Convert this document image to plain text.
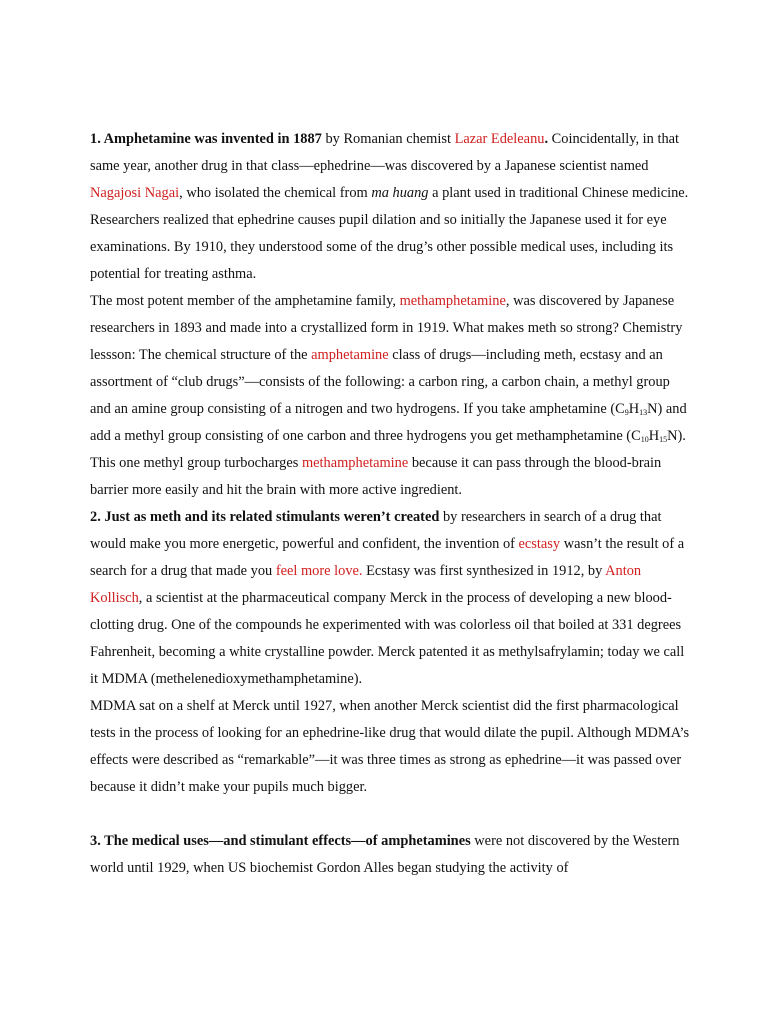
1. Amphetamine was invented in 1887 by Romanian chemist Lazar Edeleanu. Coincidentally, in that same year, another drug in that class—ephedrine—was discovered by a Japanese scientist named Nagajosi Nagai, who isolated the chemical from ma huang a plant used in traditional Chinese medicine. Researchers realized that ephedrine causes pupil dilation and so initially the Japanese used it for eye examinations. By 1910, they understood some of the drug’s other possible medical uses, including its potential for treating asthma.

The most potent member of the amphetamine family, methamphetamine, was discovered by Japanese researchers in 1893 and made into a crystallized form in 1919. What makes meth so strong? Chemistry lessson: The chemical structure of the amphetamine class of drugs—including meth, ecstasy and an assortment of “club drugs”—consists of the following: a carbon ring, a carbon chain, a methyl group and an amine group consisting of a nitrogen and two hydrogens. If you take amphetamine $(C_9H_{13}N)$ and add a methyl group consisting of one carbon and three hydrogens you get methamphetamine $(C_{10}H_{15}N)$. This one methyl group turbocharges methamphetamine because it can pass through the blood-brain barrier more easily and hit the brain with more active ingredient.

2. Just as meth and its related stimulants weren’t created by researchers in search of a drug that would make you more energetic, powerful and confident, the invention of ecstasy wasn’t the result of a search for a drug that made you feel more love. Ecstasy was first synthesized in 1912, by Anton Kollisch, a scientist at the pharmaceutical company Merck in the process of developing a new blood-clotting drug. One of the compounds he experimented with was colorless oil that boiled at 331 degrees Fahrenheit, becoming a white crystalline powder. Merck patented it as methylsafrylamin; today we call it MDMA (methelenedioxymethamphetamine).

MDMA sat on a shelf at Merck until 1927, when another Merck scientist did the first pharmacological tests in the process of looking for an ephedrine-like drug that would dilate the pupil. Although MDMA’s effects were described as “remarkable”—it was three times as strong as ephedrine—it was passed over because it didn’t make your pupils much bigger.

3. The medical uses—and stimulant effects—of amphetamines were not discovered by the Western world until 1929, when US biochemist Gordon Alles began studying the activity of
